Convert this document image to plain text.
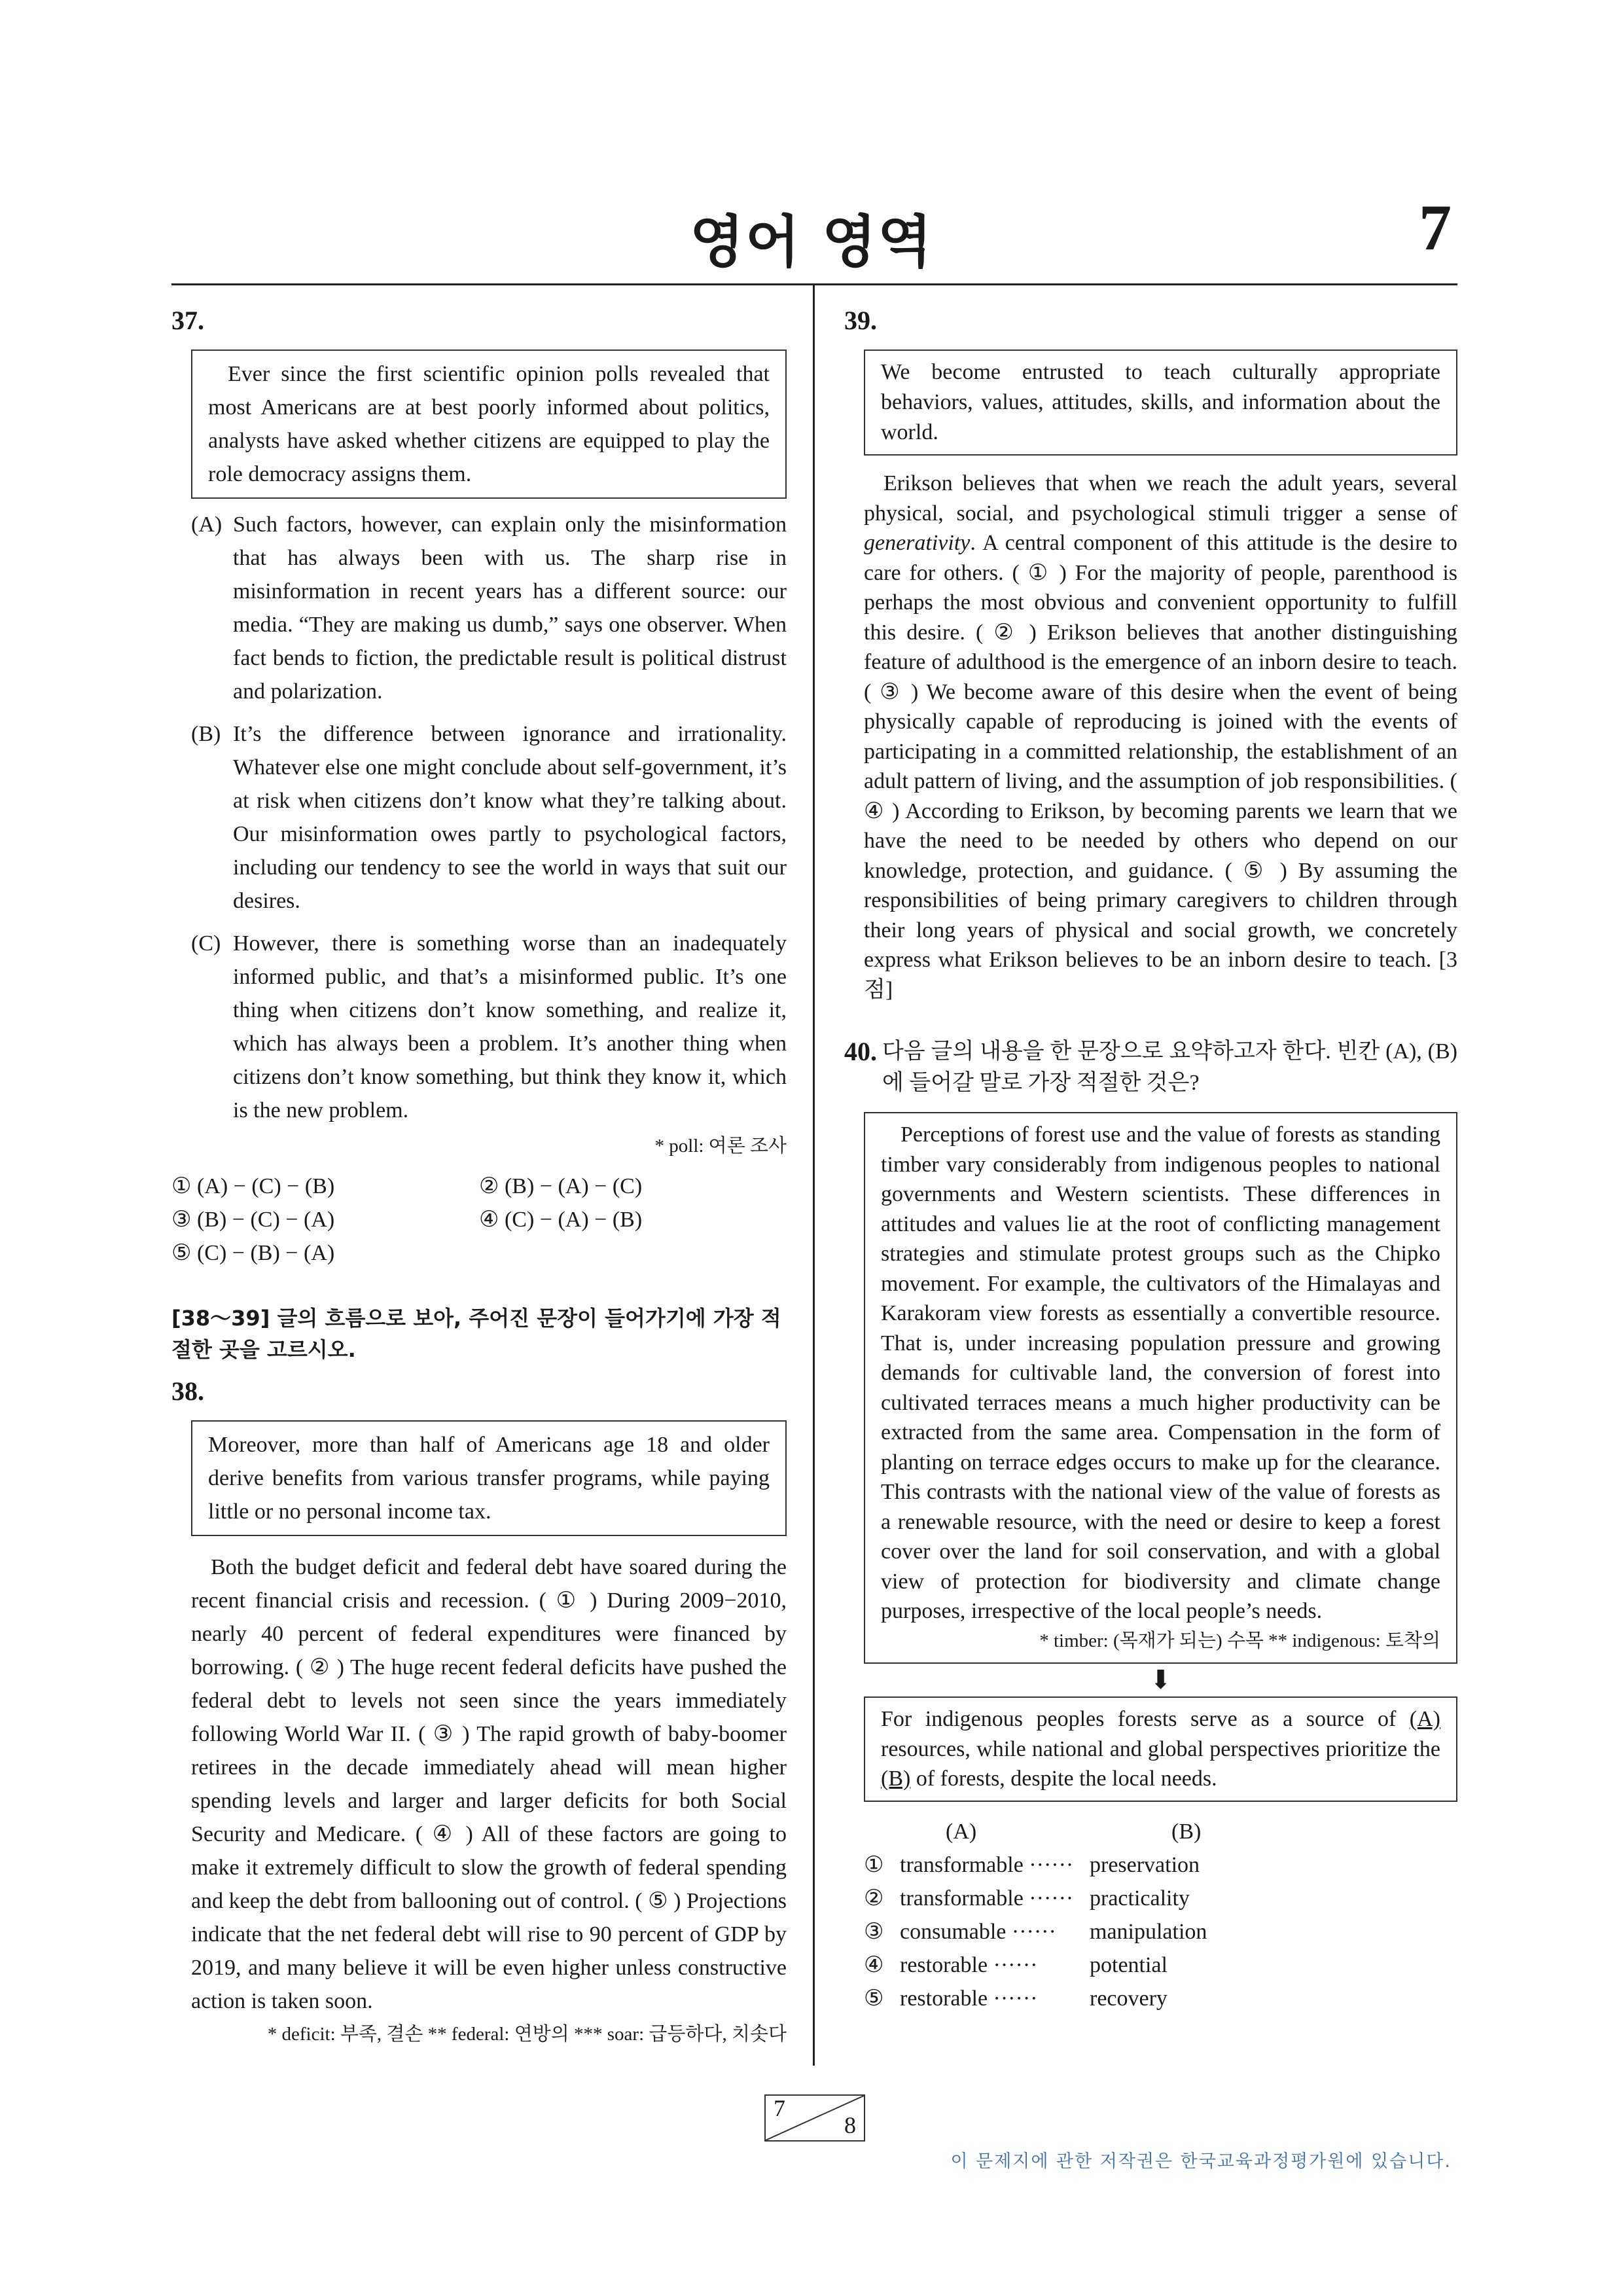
영어 영역	7

37.

Ever since the first scientific opinion polls revealed that most Americans are at best poorly informed about politics, analysts have asked whether citizens are equipped to play the role democracy assigns them.
(A) Such factors, however, can explain only the misinformation that has always been with us. The sharp rise in misinformation in recent years has a different source: our media. “They are making us dumb,” says one observer. When fact bends to fiction, the predictable result is political distrust and polarization.
(B) It’s the difference between ignorance and irrationality. Whatever else one might conclude about self-government, it’s at risk when citizens don’t know what they’re talking about. Our misinformation owes partly to psychological factors, including our tendency to see the world in ways that suit our desires.
(C) However, there is something worse than an inadequately informed public, and that’s a misinformed public. It’s one thing when citizens don’t know something, and realize it, which has always been a problem. It’s another thing when citizens don’t know something, but think they know it, which is the new problem.
* poll: 여론 조사
① (A) − (C) − (B)	② (B) − (A) − (C)
③ (B) − (C) − (A)	④ (C) − (A) − (B)
⑤ (C) − (B) − (A)
[38～39] 글의 흐름으로 보아, 주어진 문장이 들어가기에 가장 적절한 곳을 고르시오.

38.

Moreover, more than half of Americans age 18 and older derive benefits from various transfer programs, while paying little or no personal income tax.
Both the budget deficit and federal debt have soared during the recent financial crisis and recession. ( ① ) During 2009−2010, nearly 40 percent of federal expenditures were financed by borrowing. ( ② ) The huge recent federal deficits have pushed the federal debt to levels not seen since the years immediately following World War II. ( ③ ) The rapid growth of baby-boomer retirees in the decade immediately ahead will mean higher spending levels and larger and larger deficits for both Social Security and Medicare. ( ④ ) All of these factors are going to make it extremely difficult to slow the growth of federal spending and keep the debt from ballooning out of control. ( ⑤ ) Projections indicate that the net federal debt will rise to 90 percent of GDP by 2019, and many believe it will be even higher unless constructive action is taken soon.
* deficit: 부족, 결손 ** federal: 연방의 *** soar: 급등하다, 치솟다

39.

We become entrusted to teach culturally appropriate behaviors, values, attitudes, skills, and information about the world.
Erikson believes that when we reach the adult years, several physical, social, and psychological stimuli trigger a sense of generativity. A central component of this attitude is the desire to care for others. ( ① ) For the majority of people, parenthood is perhaps the most obvious and convenient opportunity to fulfill this desire. ( ② ) Erikson believes that another distinguishing feature of adulthood is the emergence of an inborn desire to teach. ( ③ ) We become aware of this desire when the event of being physically capable of reproducing is joined with the events of participating in a committed relationship, the establishment of an adult pattern of living, and the assumption of job responsibilities. ( ④ ) According to Erikson, by becoming parents we learn that we have the need to be needed by others who depend on our knowledge, protection, and guidance. ( ⑤ ) By assuming the responsibilities of being primary caregivers to children through their long years of physical and social growth, we concretely express what Erikson believes to be an inborn desire to teach. [3점]
40. 다음 글의 내용을 한 문장으로 요약하고자 한다. 빈칸 (A), (B)에 들어갈 말로 가장 적절한 것은?
Perceptions of forest use and the value of forests as standing timber vary considerably from indigenous peoples to national governments and Western scientists. These differences in attitudes and values lie at the root of conflicting management strategies and stimulate protest groups such as the Chipko movement. For example, the cultivators of the Himalayas and Karakoram view forests as essentially a convertible resource. That is, under increasing population pressure and growing demands for cultivable land, the conversion of forest into cultivated terraces means a much higher productivity can be extracted from the same area. Compensation in the form of planting on terrace edges occurs to make up for the clearance. This contrasts with the national view of the value of forests as a renewable resource, with the need or desire to keep a forest cover over the land for soil conservation, and with a global view of protection for biodiversity and climate change purposes, irrespective of the local people’s needs.
* timber: (목재가 되는) 수목 ** indigenous: 토착의
⬇
For indigenous peoples forests serve as a source of (A) resources, while national and global perspectives prioritize the (B) of forests, despite the local needs.
(A)	(B)
① transformable ······ preservation
② transformable ······ practicality
③ consumable ······	manipulation
④ restorable ······	potential
⑤ restorable ······	recovery
7
8
이 문제지에 관한 저작권은 한국교육과정평가원에 있습니다.
